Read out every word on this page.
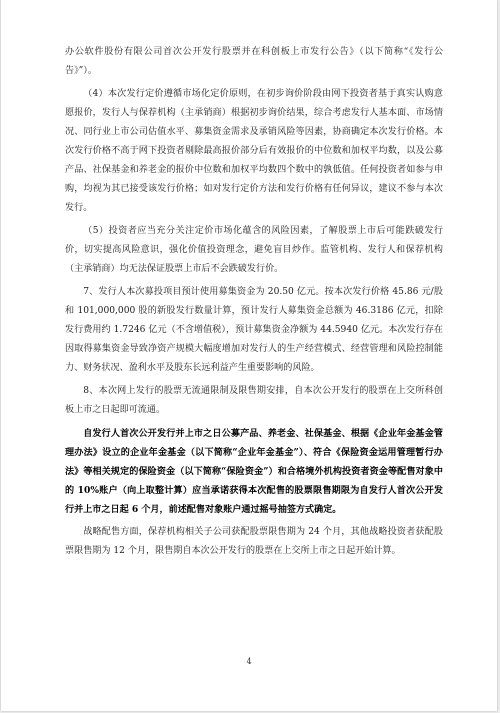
办公软件股份有限公司首次公开发行股票并在科创板上市发行公告》（以下简称“《发行公告》”）。

（4）本次发行定价遵循市场化定价原则，在初步询价阶段由网下投资者基于真实认购意愿报价，发行人与保荐机构（主承销商）根据初步询价结果，综合考虑发行人基本面、市场情况、同行业上市公司估值水平、募集资金需求及承销风险等因素，协商确定本次发行价格。本次发行价格不高于网下投资者剔除最高报价部分后有效报价的中位数和加权平均数，以及公募产品、社保基金和养老金的报价中位数和加权平均数四个数中的孰低值。任何投资者如参与申购，均视为其已接受该发行价格；如对发行定价方法和发行价格有任何异议，建议不参与本次发行。

（5）投资者应当充分关注定价市场化蕴含的风险因素，了解股票上市后可能跌破发行价，切实提高风险意识，强化价值投资理念，避免盲目炒作。监管机构、发行人和保荐机构（主承销商）均无法保证股票上市后不会跌破发行价。

7、发行人本次募投项目预计使用募集资金为 20.50 亿元。按本次发行价格 45.86 元/股和 101,000,000 股的新股发行数量计算，预计发行人募集资金总额为 46.3186 亿元，扣除发行费用约 1.7246 亿元（不含增值税），预计募集资金净额为 44.5940 亿元。本次发行存在因取得募集资金导致净资产规模大幅度增加对发行人的生产经营模式、经营管理和风险控制能力、财务状况、盈利水平及股东长远利益产生重要影响的风险。

8、本次网上发行的股票无流通限制及限售期安排，自本次公开发行的股票在上交所科创板上市之日起即可流通。

自发行人首次公开发行并上市之日公募产品、养老金、社保基金、根据《企业年金基金管理办法》设立的企业年金基金（以下简称“企业年金基金”）、符合《保险资金运用管理暂行办法》等相关规定的保险资金（以下简称“保险资金”）和合格境外机构投资者资金等配售对象中的 10%账户（向上取整计算）应当承诺获得本次配售的股票限售期限为自发行人首次公开发行并上市之日起 6 个月，前述配售对象账户通过摇号抽签方式确定。

战略配售方面，保荐机构相关子公司获配股票限售期为 24 个月，其他战略投资者获配股票限售期为 12 个月，限售期自本次公开发行的股票在上交所上市之日起开始计算。

4
